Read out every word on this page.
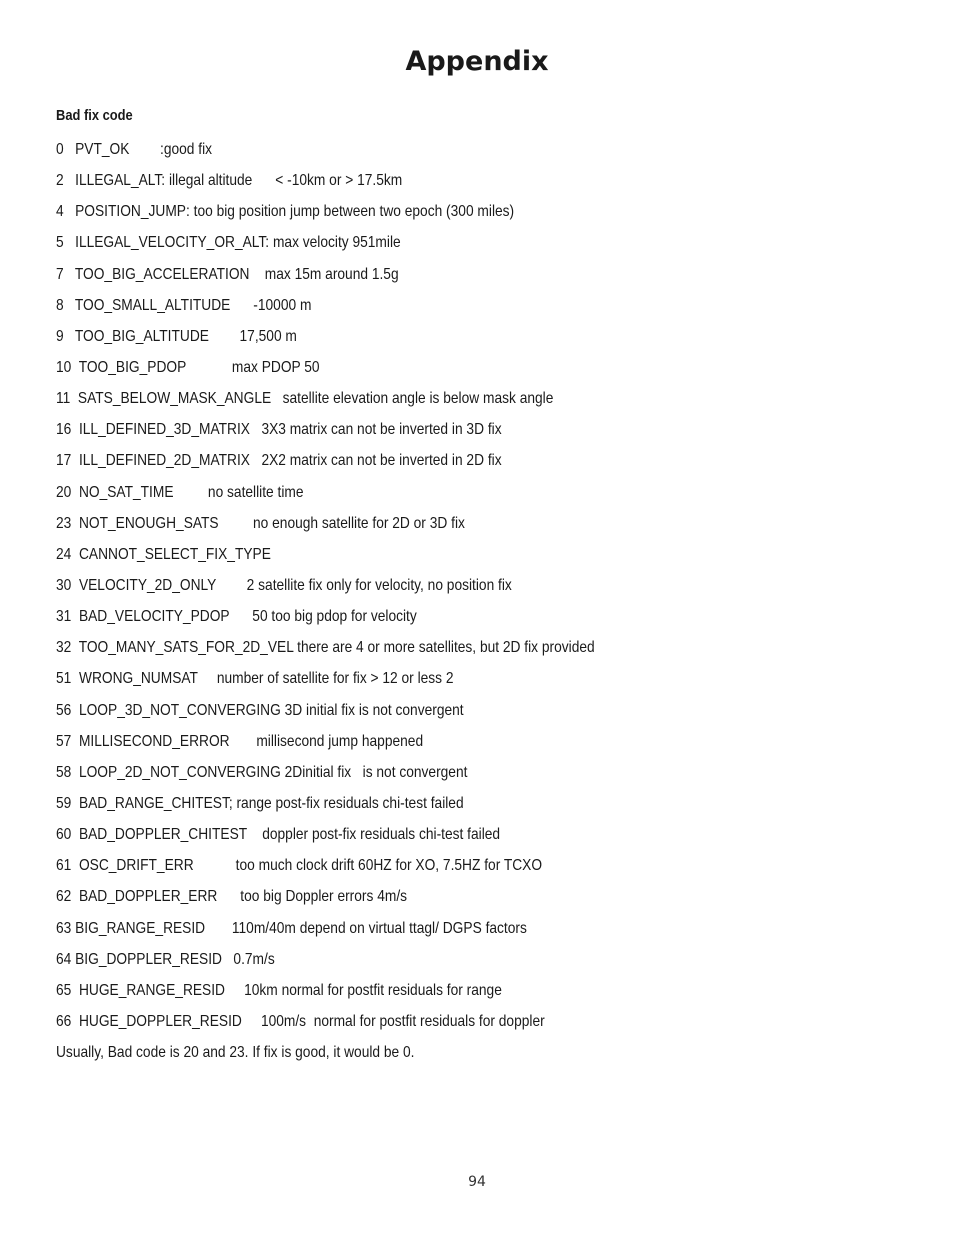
Appendix
Bad fix code
0   PVT_OK        :good fix
2   ILLEGAL_ALT: illegal altitude      < -10km or > 17.5km
4   POSITION_JUMP: too big position jump between two epoch (300 miles)
5   ILLEGAL_VELOCITY_OR_ALT: max velocity 951mile
7   TOO_BIG_ACCELERATION    max 15m around 1.5g
8   TOO_SMALL_ALTITUDE      -10000 m
9   TOO_BIG_ALTITUDE        17,500 m
10  TOO_BIG_PDOP            max PDOP 50
11  SATS_BELOW_MASK_ANGLE   satellite elevation angle is below mask angle
16  ILL_DEFINED_3D_MATRIX   3X3 matrix can not be inverted in 3D fix
17  ILL_DEFINED_2D_MATRIX   2X2 matrix can not be inverted in 2D fix
20  NO_SAT_TIME         no satellite time
23  NOT_ENOUGH_SATS         no enough satellite for 2D or 3D fix
24  CANNOT_SELECT_FIX_TYPE
30  VELOCITY_2D_ONLY        2 satellite fix only for velocity, no position fix
31  BAD_VELOCITY_PDOP      50 too big pdop for velocity
32  TOO_MANY_SATS_FOR_2D_VEL there are 4 or more satellites, but 2D fix provided
51  WRONG_NUMSAT     number of satellite for fix > 12 or less 2
56  LOOP_3D_NOT_CONVERGING 3D initial fix is not convergent
57  MILLISECOND_ERROR       millisecond jump happened
58  LOOP_2D_NOT_CONVERGING 2Dinitial fix   is not convergent
59  BAD_RANGE_CHITEST; range post-fix residuals chi-test failed
60  BAD_DOPPLER_CHITEST    doppler post-fix residuals chi-test failed
61  OSC_DRIFT_ERR           too much clock drift 60HZ for XO, 7.5HZ for TCXO
62  BAD_DOPPLER_ERR      too big Doppler errors 4m/s
63 BIG_RANGE_RESID       110m/40m depend on virtual ttagl/ DGPS factors
64 BIG_DOPPLER_RESID   0.7m/s
65  HUGE_RANGE_RESID     10km normal for postfit residuals for range
66  HUGE_DOPPLER_RESID     100m/s  normal for postfit residuals for doppler

Usually, Bad code is 20 and 23. If fix is good, it would be 0.

94
